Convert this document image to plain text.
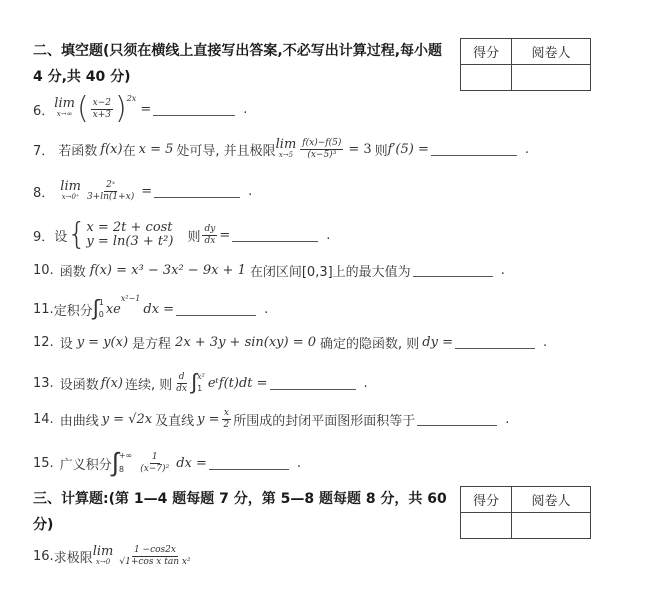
二、填空题(只须在横线上直接写出答案,不必写出计算过程,每小题
4 分,共 40 分)
得分	阅卷人

6． lim
x→∞ ( $\frac{x-2}{x+3} )^{2x}$
=	.
7． 若函数 f(x) 在 x = 5 处可导, 并且极限 lim
$x\to 5 \frac{f(x)-f(5)}{\text{(x−5)³}} = 3$ 则 f′(5) =	.
8． lim
$x\to 0^+ \frac{\text{2ˣ}}{3+\ln(1+x)}$ =	.
9． 设 { x = 2t + cost
y = ln(3 + t²) 则 $\frac{dy}{dx}$ =	.
10. 函数 f(x) = x³ − 3x² − 9x + 1 在闭区间[0,3]上的最大值为	.
11. 定积分 ∫ 1
0 xe
$^{x^2-1}$
dx =	.
12. 设 y = y(x) 是方程 2x + 3y + sin(xy) = 0 确定的隐函数, 则 dy =	.
13. 设函数 f(x) 连续, 则 $\frac{d}{dx}$ ∫ x²
1 eᵗf(t)dt =	.
14. 由曲线 y = √2x 及直线 $y = \frac{x}{2}$ 所围成的封闭平面图形面积等于	.
15. 广义积分 ∫ +∞
8	$\frac{1}{\text{(x−7)²}}$ dx =	.
三、计算题:(第 1—4 题每题 7 分，第 5—8 题每题 8 分，共 60
分)
得分	阅卷人

16. 求极限 lim
$x\to 0 \frac{1 -\cos 2x}{\text{√1+cos x tan x²}}$
